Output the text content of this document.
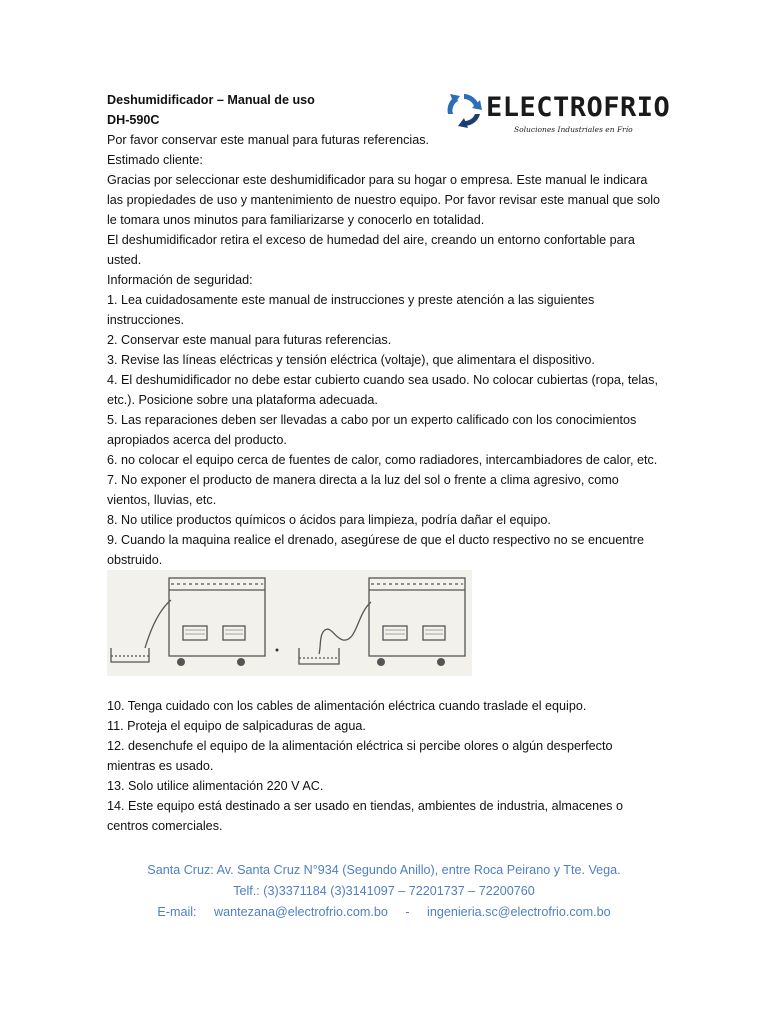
ELECTROFRIO
Soluciones Industriales en Frío
Deshumidificador – Manual de uso
DH-590C
Por favor conservar este manual para futuras referencias.
Estimado cliente:
Gracias por seleccionar este deshumidificador para su hogar o empresa. Este manual le indicara las propiedades de uso y mantenimiento de nuestro equipo. Por favor revisar este manual que solo le tomara unos minutos para familiarizarse y conocerlo en totalidad.
El deshumidificador retira el exceso de humedad del aire, creando un entorno confortable para usted.
Información de seguridad:
1. Lea cuidadosamente este manual de instrucciones y preste atención a las siguientes instrucciones.
2. Conservar este manual para futuras referencias.
3. Revise las líneas eléctricas y tensión eléctrica (voltaje), que alimentara el dispositivo.
4. El deshumidificador no debe estar cubierto cuando sea usado. No colocar cubiertas (ropa, telas, etc.). Posicione sobre una plataforma adecuada.
5. Las reparaciones deben ser llevadas a cabo por un experto calificado con los conocimientos apropiados acerca del producto.
6. no colocar el equipo cerca de fuentes de calor, como radiadores, intercambiadores de calor, etc.
7. No exponer el producto de manera directa a la luz del sol o frente a clima agresivo, como vientos, lluvias, etc.
8. No utilice productos químicos o ácidos para limpieza, podría dañar el equipo.
9. Cuando la maquina realice el drenado, asegúrese de que el ducto respectivo no se encuentre obstruido.
10. Tenga cuidado con los cables de alimentación eléctrica cuando traslade el equipo.
11. Proteja el equipo de salpicaduras de agua.
12. desenchufe el equipo de la alimentación eléctrica si percibe olores o algún desperfecto mientras es usado.
13. Solo utilice alimentación 220 V AC.
14. Este equipo está destinado a ser usado en tiendas, ambientes de industria, almacenes o centros comerciales.
Santa Cruz: Av. Santa Cruz N°934 (Segundo Anillo), entre Roca Peirano y Tte. Vega.
Telf.: (3)3371184 (3)3141097 – 72201737 – 72200760
E-mail: wantezana@electrofrio.com.bo - ingenieria.sc@electrofrio.com.bo
